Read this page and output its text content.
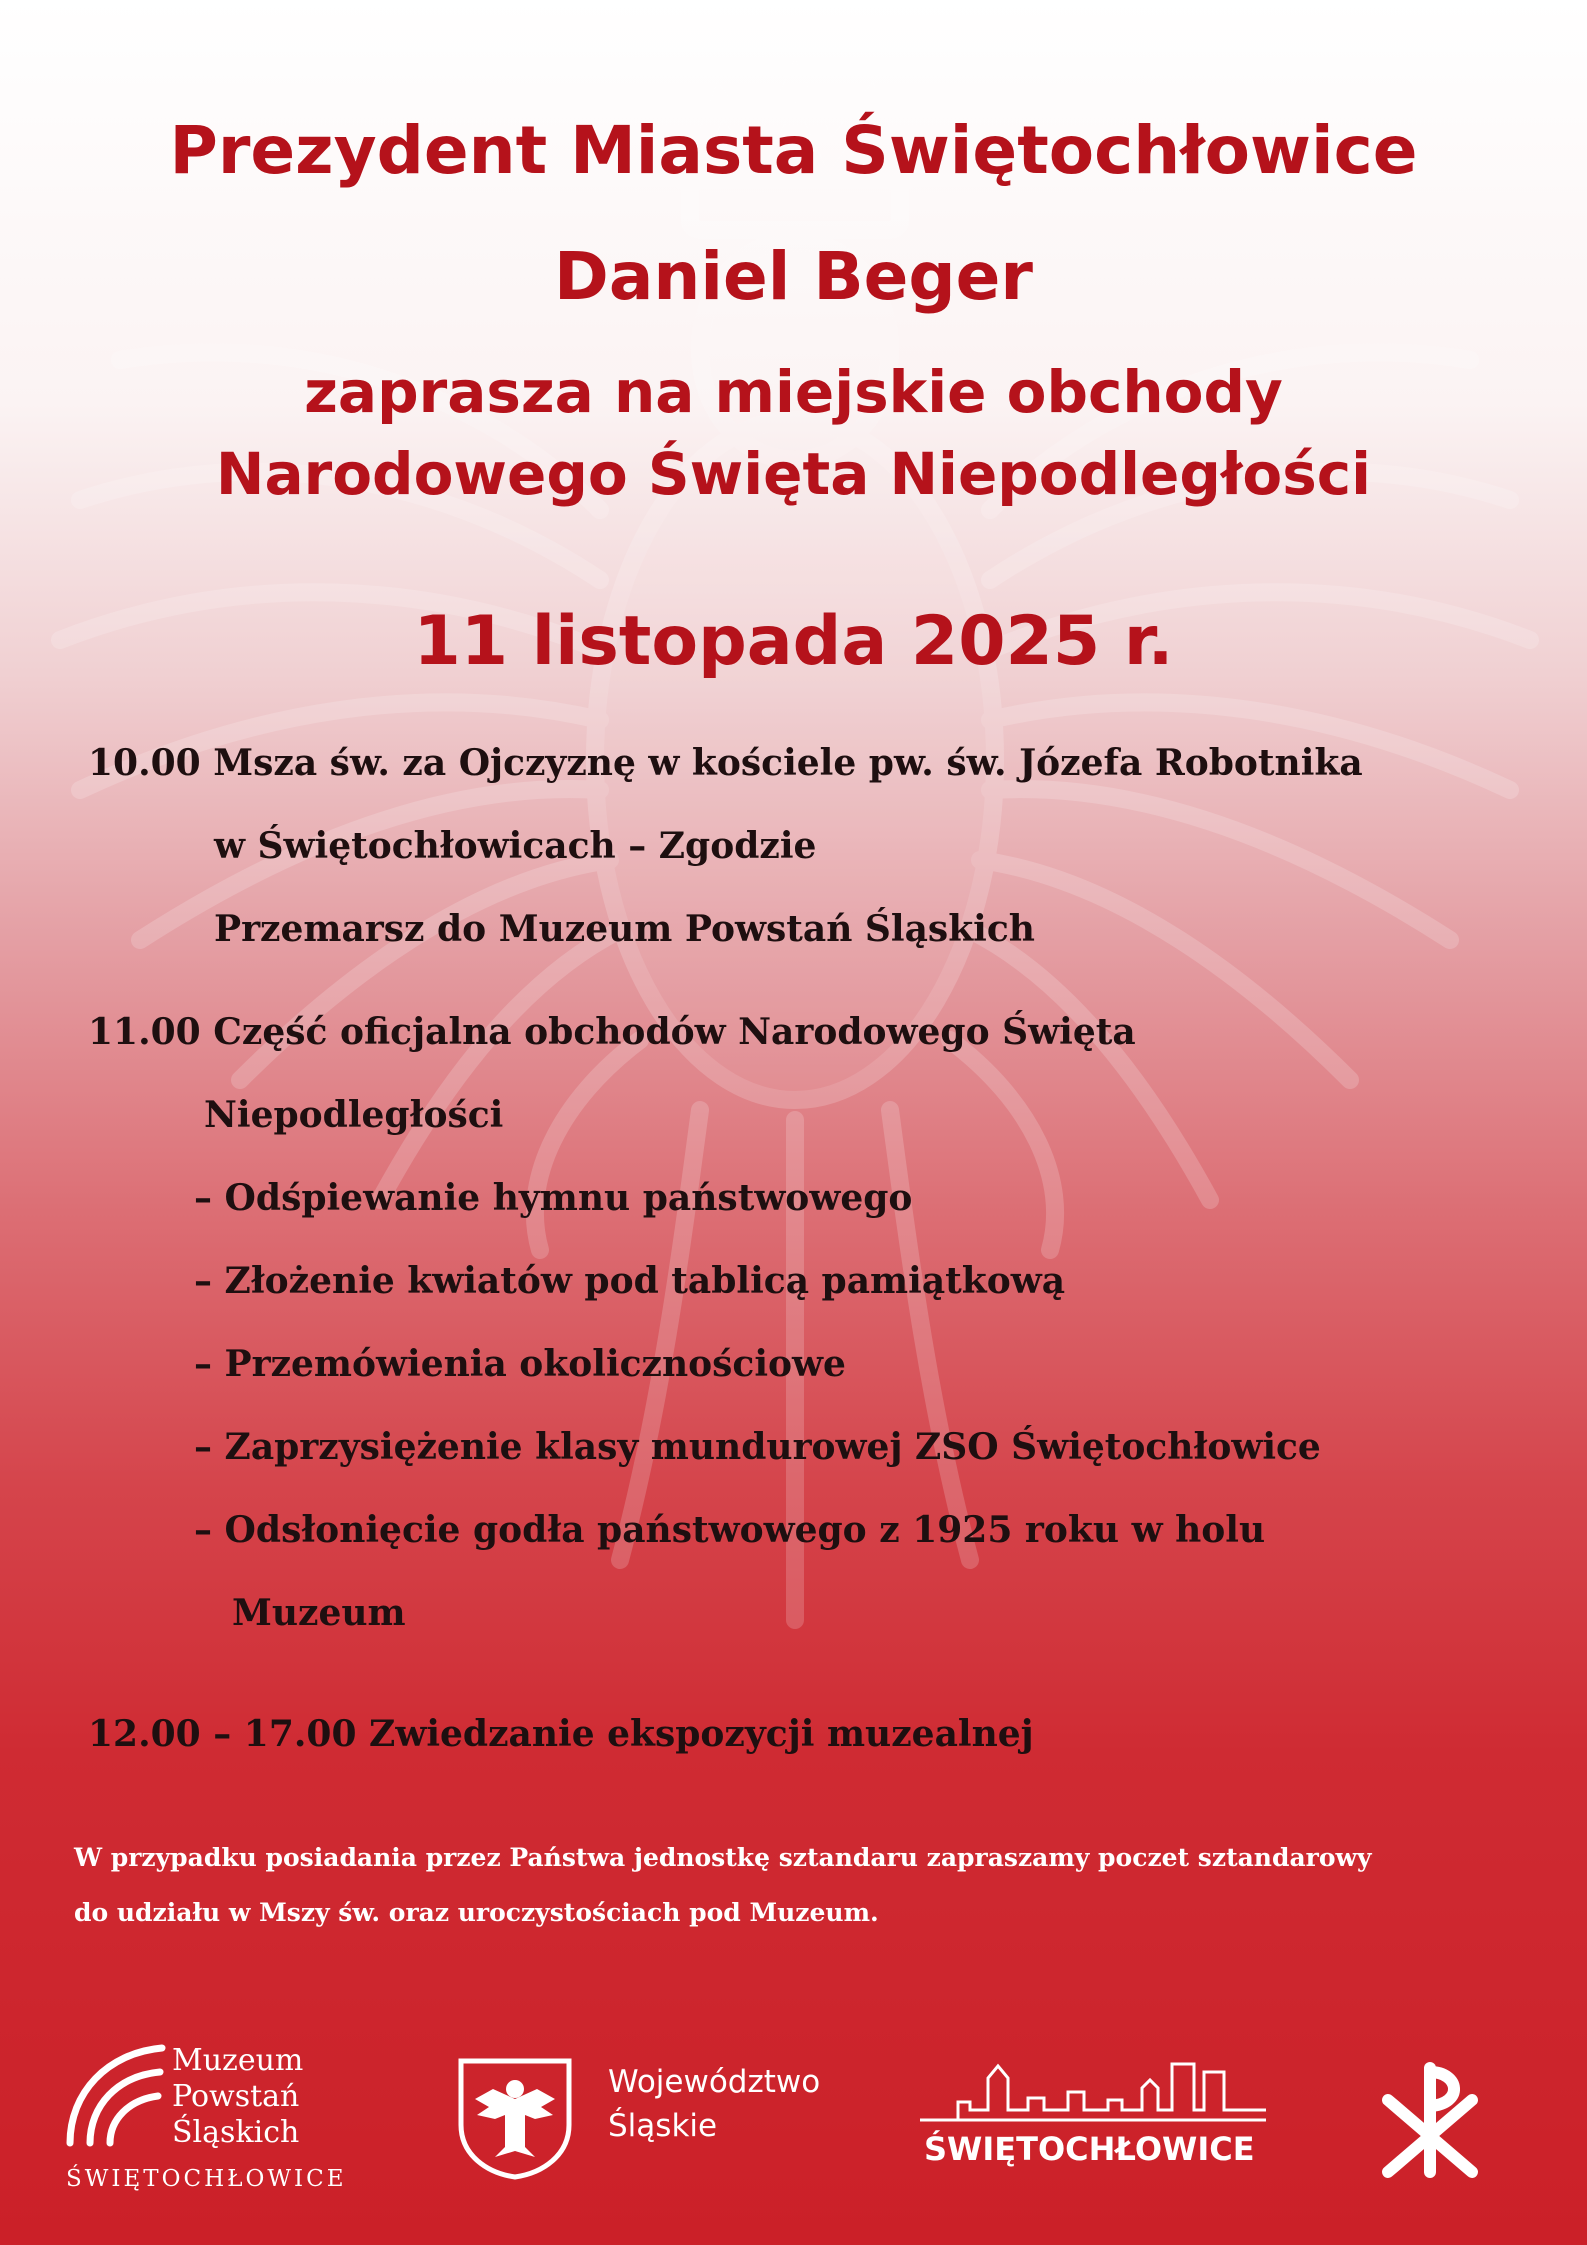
Prezydent Miasta Świętochłowice
Daniel Beger
zaprasza na miejskie obchody
Narodowego Święta Niepodległości
11 listopada 2025 r.
10.00 Msza św. za Ojczyznę w kościele pw. św. Józefa Robotnika
w Świętochłowicach – Zgodzie
Przemarsz do Muzeum Powstań Śląskich
11.00 Część oficjalna obchodów Narodowego Święta
Niepodległości
– Odśpiewanie hymnu państwowego
– Złożenie kwiatów pod tablicą pamiątkową
– Przemówienia okolicznościowe
– Zaprzysiężenie klasy mundurowej ZSO Świętochłowice
– Odsłonięcie godła państwowego z 1925 roku w holu
Muzeum
12.00 – 17.00 Zwiedzanie ekspozycji muzealnej
W przypadku posiadania przez Państwa jednostkę sztandaru zapraszamy poczet sztandarowy
do udziału w Mszy św. oraz uroczystościach pod Muzeum.
Muzeum
Powstań
Śląskich
ŚWIĘTOCHŁOWICE
Województwo
Śląskie
ŚWIĘTOCHŁOWICE
